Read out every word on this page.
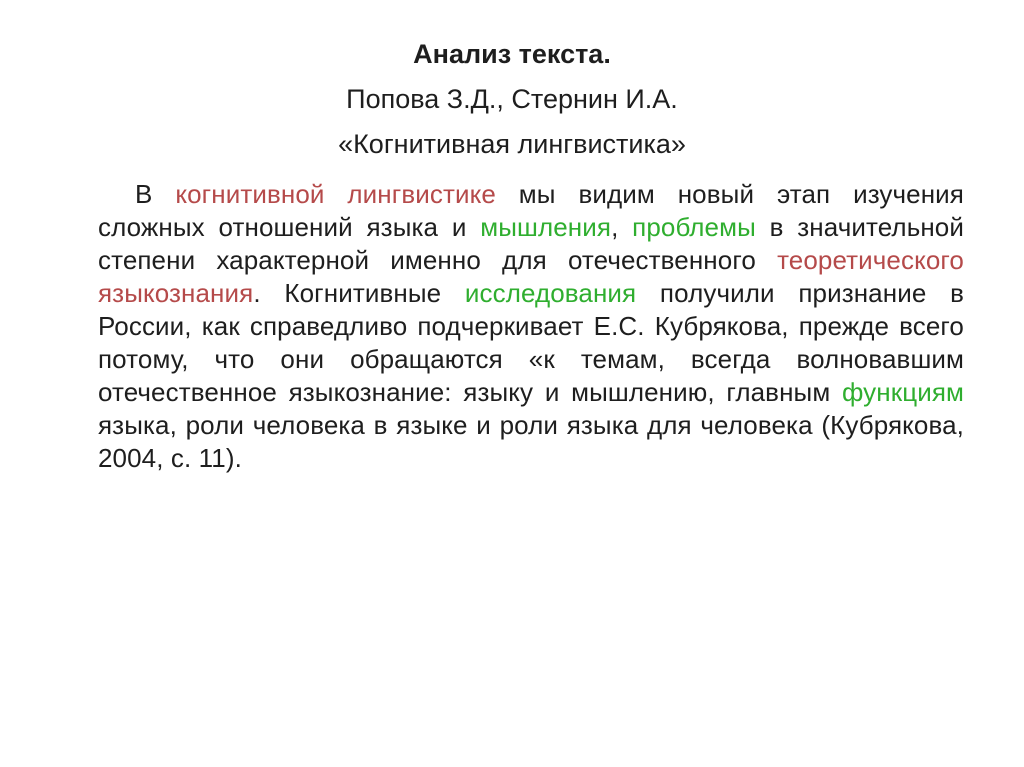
Анализ текста.
Попова З.Д., Стернин И.А.
«Когнитивная лингвистика»
В когнитивной лингвистике мы видим новый этап изучения сложных отношений языка и мышления, проблемы в значительной степени характерной именно для отечественного теоретического языкознания. Когнитивные исследования получили признание в России, как справедливо подчеркивает Е.С. Кубрякова, прежде всего потому, что они обращаются «к темам, всегда волновавшим отечественное языкознание: языку и мышлению, главным функциям языка, роли человека в языке и роли языка для человека (Кубрякова, 2004, с. 11).
